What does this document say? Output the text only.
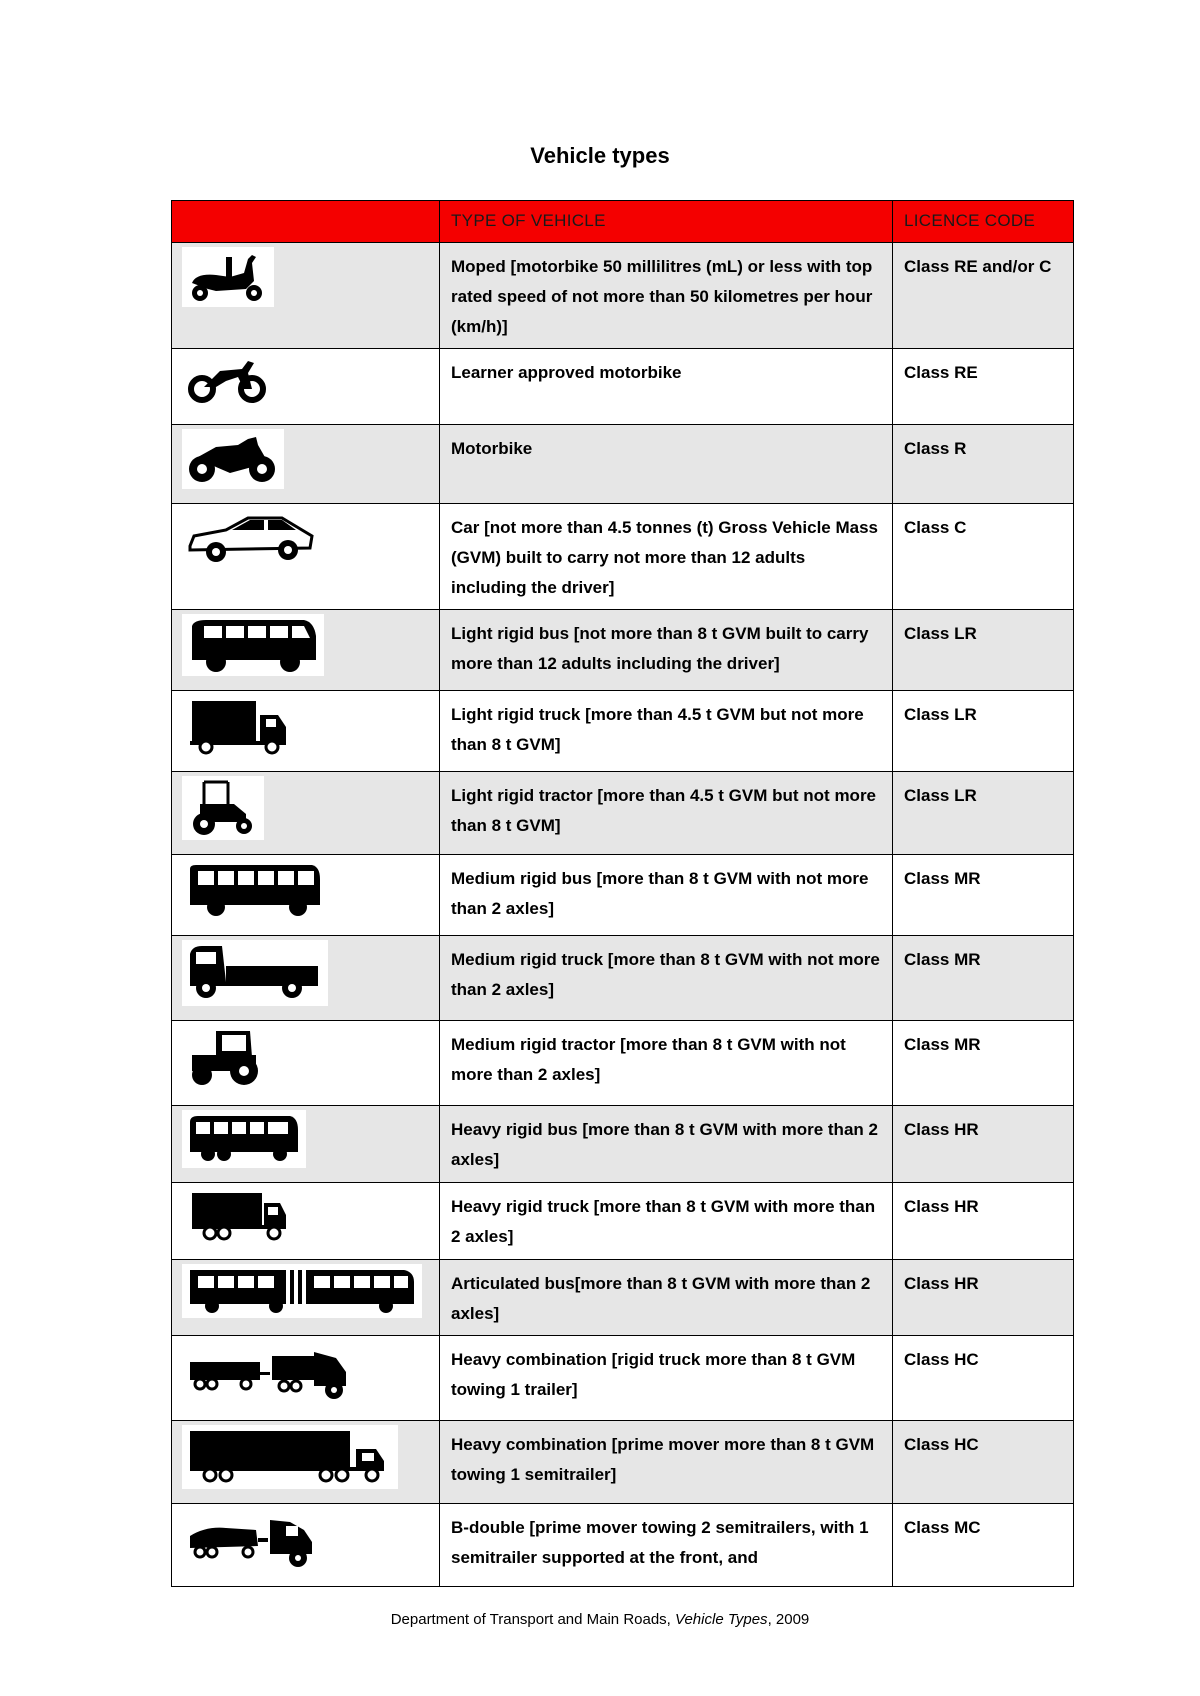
Vehicle types
	TYPE OF VEHICLE	LICENCE CODE

	Moped [motorbike 50 millilitres (mL) or less with top rated speed of not more than 50 kilometres per hour (km/h)]	Class RE and/or C

	Learner approved motorbike	Class RE

	Motorbike	Class R

	Car [not more than 4.5 tonnes (t) Gross Vehicle Mass (GVM) built to carry not more than 12 adults including the driver]	Class C

	Light rigid bus [not more than 8 t GVM built to carry more than 12 adults including the driver]	Class LR

	Light rigid truck [more than 4.5 t GVM but not more than 8 t GVM]	Class LR

	Light rigid tractor [more than 4.5 t GVM but not more than 8 t GVM]	Class LR

	Medium rigid bus [more than 8 t GVM with not more than 2 axles]	Class MR

	Medium rigid truck [more than 8 t GVM with not more than 2 axles]	Class MR

	Medium rigid tractor [more than 8 t GVM with not more than 2 axles]	Class MR

	Heavy rigid bus [more than 8 t GVM with more than 2 axles]	Class HR

	Heavy rigid truck [more than 8 t GVM with more than 2 axles]	Class HR

	Articulated bus[more than 8 t GVM with more than 2 axles]	Class HR

	Heavy combination [rigid truck more than 8 t GVM towing 1 trailer]	Class HC

	Heavy combination [prime mover more than 8 t GVM towing 1 semitrailer]	Class HC

	B-double [prime mover towing 2 semitrailers, with 1 semitrailer supported at the front, and	Class MC
Department of Transport and Main Roads, Vehicle Types, 2009
